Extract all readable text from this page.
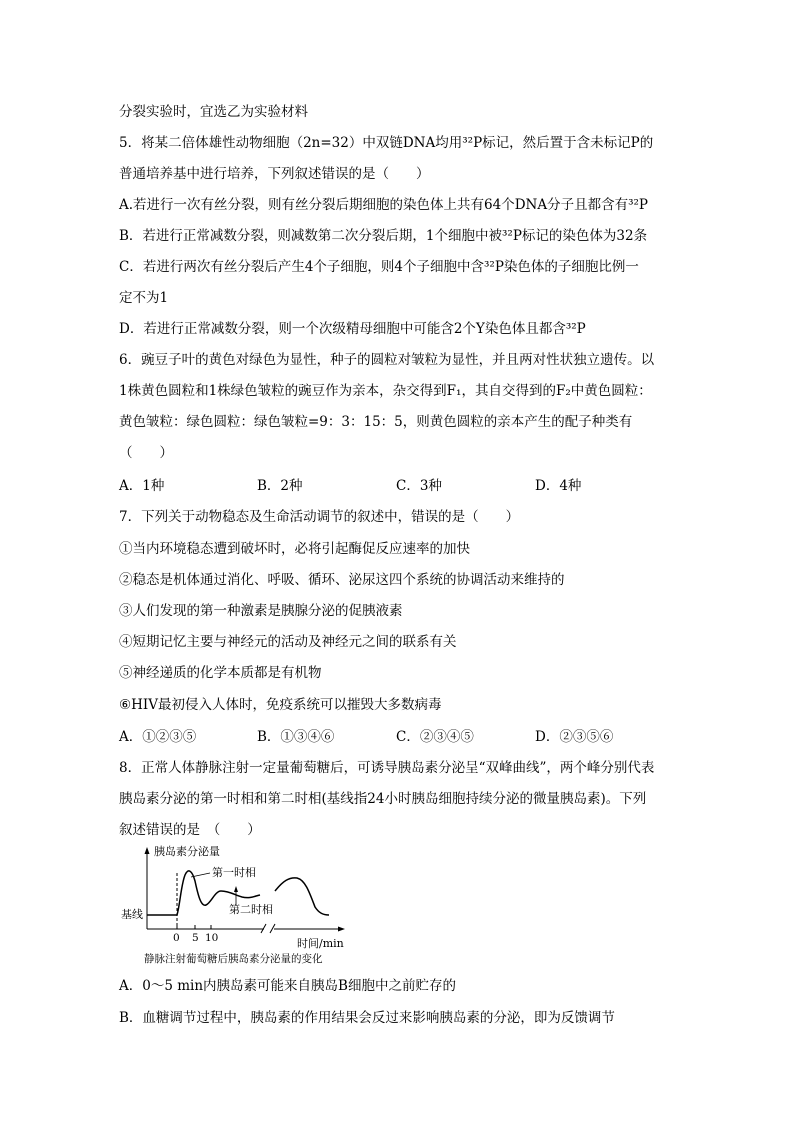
分裂实验时，宜选乙为实验材料
5．将某二倍体雄性动物细胞（2n=32）中双链DNA均用³²P标记，然后置于含未标记P的
普通培养基中进行培养，下列叙述错误的是（　　）
A.若进行一次有丝分裂，则有丝分裂后期细胞的染色体上共有64个DNA分子且都含有³²P
B．若进行正常减数分裂，则减数第二次分裂后期，1个细胞中被³²P标记的染色体为32条
C．若进行两次有丝分裂后产生4个子细胞，则4个子细胞中含³²P染色体的子细胞比例一
定不为1
D．若进行正常减数分裂，则一个次级精母细胞中可能含2个Y染色体且都含³²P
6．豌豆子叶的黄色对绿色为显性，种子的圆粒对皱粒为显性，并且两对性状独立遗传。以
1株黄色圆粒和1株绿色皱粒的豌豆作为亲本，杂交得到F₁，其自交得到的F₂中黄色圆粒：
黄色皱粒：绿色圆粒：绿色皱粒=9：3：15：5，则黄色圆粒的亲本产生的配子种类有
（　　）
A．1种	B．2种	C．3种	D．4种
7．下列关于动物稳态及生命活动调节的叙述中，错误的是（　　）
①当内环境稳态遭到破坏时，必将引起酶促反应速率的加快
②稳态是机体通过消化、呼吸、循环、泌尿这四个系统的协调活动来维持的
③人们发现的第一种激素是胰腺分泌的促胰液素
④短期记忆主要与神经元的活动及神经元之间的联系有关
⑤神经递质的化学本质都是有机物
⑥HIV最初侵入人体时，免疫系统可以摧毁大多数病毒
A．①②③⑤	B．①③④⑥	C．②③④⑤	D．②③⑤⑥
8．正常人体静脉注射一定量葡萄糖后，可诱导胰岛素分泌呈“双峰曲线”，两个峰分别代表
胰岛素分泌的第一时相和第二时相(基线指24小时胰岛细胞持续分泌的微量胰岛素)。下列
叙述错误的是　（　　）
胰岛素分泌量
第一时相
第二时相
基线
0 5 10	时间/min
静脉注射葡萄糖后胰岛素分泌量的变化
A．0～5 min内胰岛素可能来自胰岛B细胞中之前贮存的
B．血糖调节过程中，胰岛素的作用结果会反过来影响胰岛素的分泌，即为反馈调节
